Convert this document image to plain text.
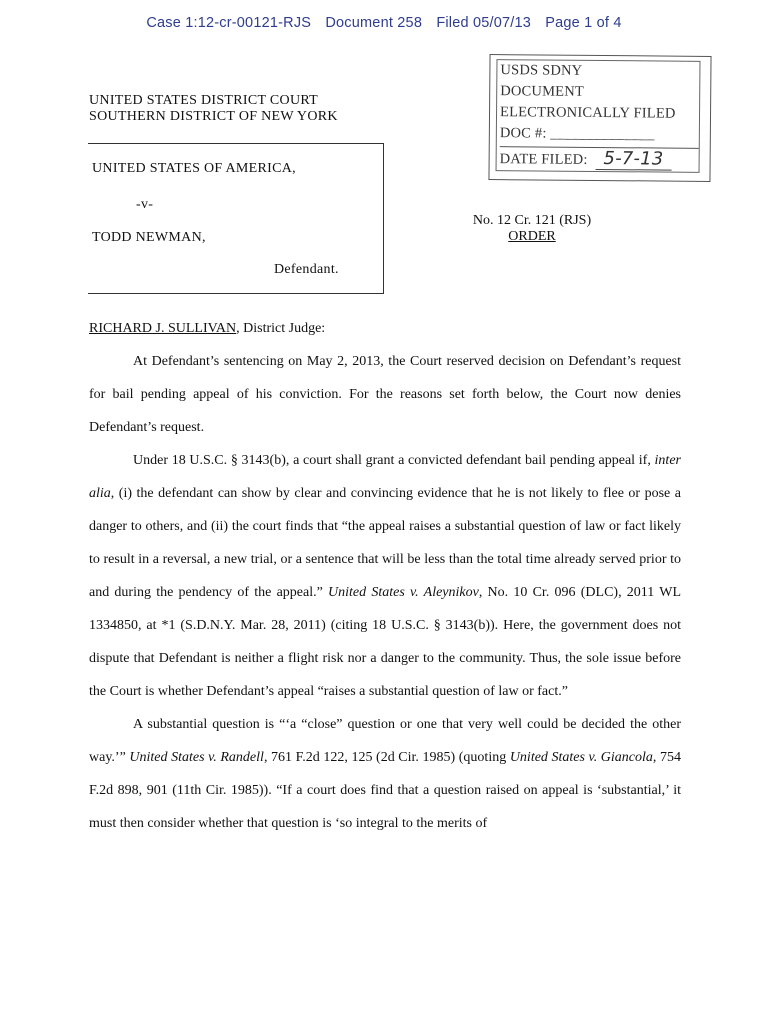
Case 1:12-cr-00121-RJS Document 258 Filed 05/07/13 Page 1 of 4
UNITED STATES DISTRICT COURT
SOUTHERN DISTRICT OF NEW YORK
USDS SDNY
DOCUMENT
ELECTRONICALLY FILED
DOC #: ______________
DATE FILED: 5-7-13
UNITED STATES OF AMERICA,
-v-
TODD NEWMAN,
Defendant.
No. 12 Cr. 121 (RJS)
ORDER

RICHARD J. SULLIVAN, District Judge:

At Defendant’s sentencing on May 2, 2013, the Court reserved decision on Defendant’s request for bail pending appeal of his conviction. For the reasons set forth below, the Court now denies Defendant’s request.

Under 18 U.S.C. § 3143(b), a court shall grant a convicted defendant bail pending appeal if, inter alia, (i) the defendant can show by clear and convincing evidence that he is not likely to flee or pose a danger to others, and (ii) the court finds that “the appeal raises a substantial question of law or fact likely to result in a reversal, a new trial, or a sentence that will be less than the total time already served prior to and during the pendency of the appeal.” United States v. Aleynikov, No. 10 Cr. 096 (DLC), 2011 WL 1334850, at *1 (S.D.N.Y. Mar. 28, 2011) (citing 18 U.S.C. § 3143(b)). Here, the government does not dispute that Defendant is neither a flight risk nor a danger to the community. Thus, the sole issue before the Court is whether Defendant’s appeal “raises a substantial question of law or fact.”

A substantial question is “‘a “close” question or one that very well could be decided the other way.’” United States v. Randell, 761 F.2d 122, 125 (2d Cir. 1985) (quoting United States v. Giancola, 754 F.2d 898, 901 (11th Cir. 1985)). “If a court does find that a question raised on appeal is ‘substantial,’ it must then consider whether that question is ‘so integral to the merits of
